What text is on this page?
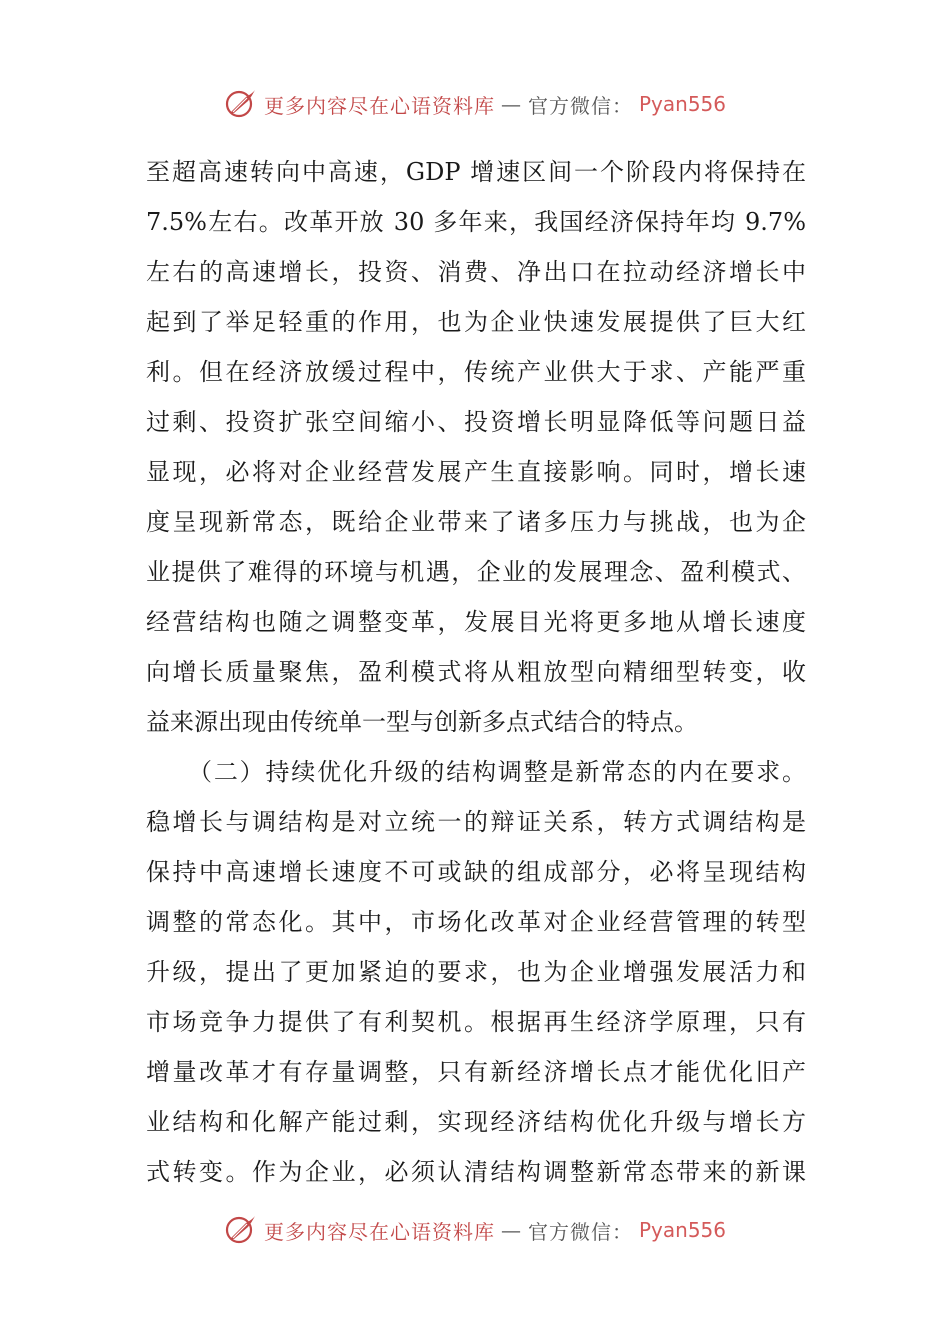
更多内容尽在心语资料库 — 官方微信： Pyan556
至超高速转向中高速，GDP 增速区间一个阶段内将保持在
7.5%左右。改革开放 30 多年来，我国经济保持年均 9.7%
左右的高速增长，投资、消费、净出口在拉动经济增长中
起到了举足轻重的作用，也为企业快速发展提供了巨大红
利。但在经济放缓过程中，传统产业供大于求、产能严重
过剩、投资扩张空间缩小、投资增长明显降低等问题日益
显现，必将对企业经营发展产生直接影响。同时，增长速
度呈现新常态，既给企业带来了诸多压力与挑战，也为企
业提供了难得的环境与机遇，企业的发展理念、盈利模式、
经营结构也随之调整变革，发展目光将更多地从增长速度
向增长质量聚焦，盈利模式将从粗放型向精细型转变，收
益来源出现由传统单一型与创新多点式结合的特点。
（二）持续优化升级的结构调整是新常态的内在要求。
稳增长与调结构是对立统一的辩证关系，转方式调结构是
保持中高速增长速度不可或缺的组成部分，必将呈现结构
调整的常态化。其中，市场化改革对企业经营管理的转型
升级，提出了更加紧迫的要求，也为企业增强发展活力和
市场竞争力提供了有利契机。根据再生经济学原理，只有
增量改革才有存量调整，只有新经济增长点才能优化旧产
业结构和化解产能过剩，实现经济结构优化升级与增长方
式转变。作为企业，必须认清结构调整新常态带来的新课
更多内容尽在心语资料库 — 官方微信： Pyan556
